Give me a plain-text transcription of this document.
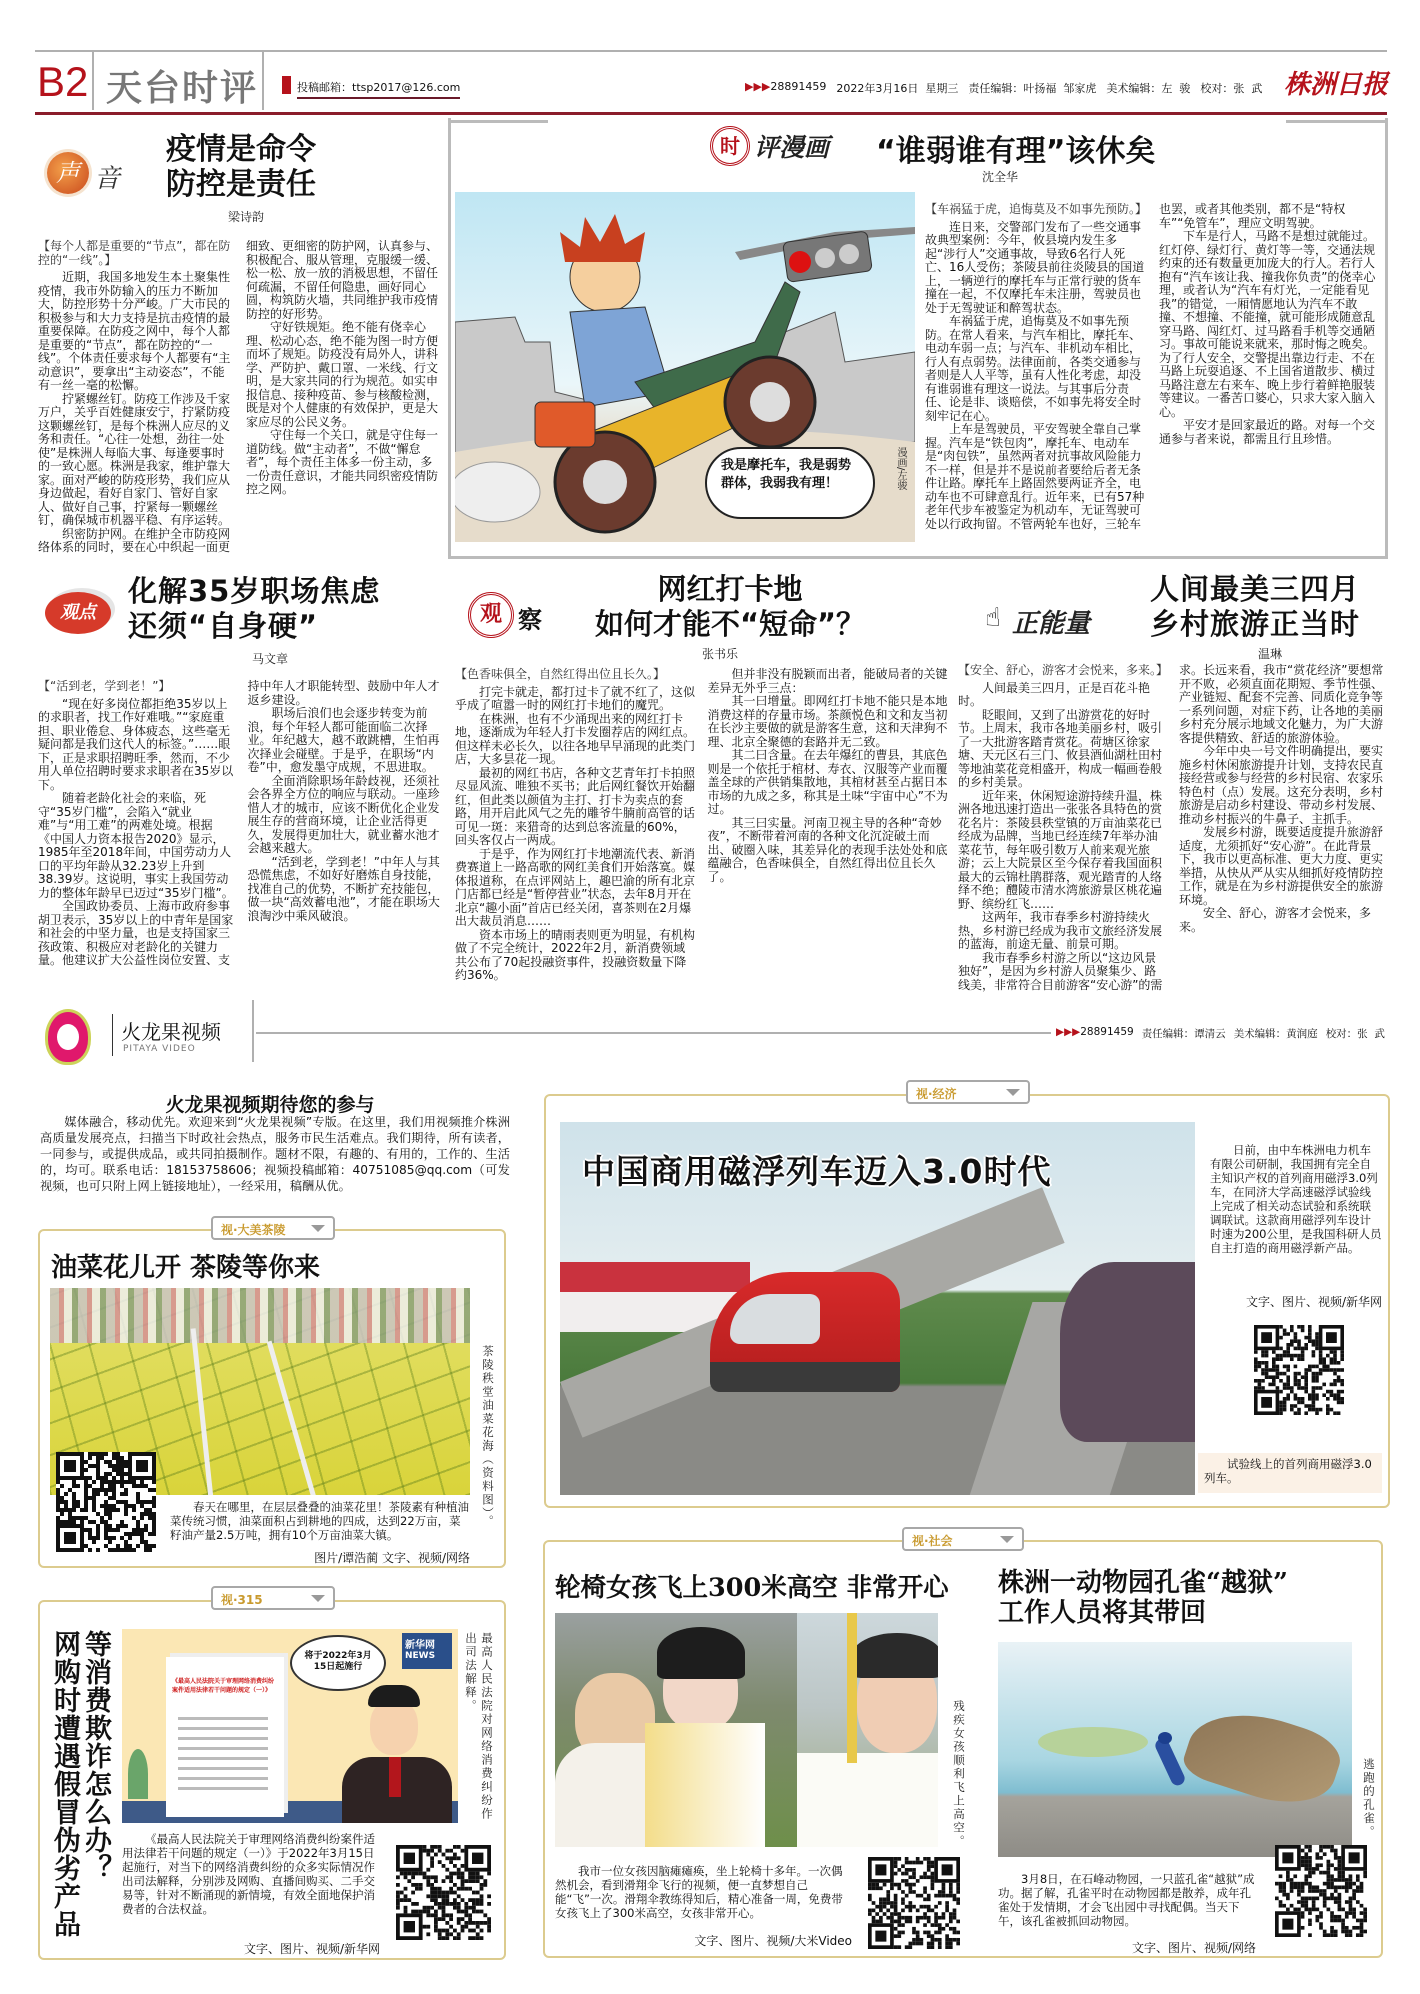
B2 天台时评	投稿邮箱：ttsp2017@126.com	▶▶▶28891459 2022年3月16日  星期三 责任编辑：叶扬福  邹家虎 美术编辑：左  骏 校对：张  武 株洲日报
声 音
疫情是命令
防控是责任
梁诗韵

【每个人都是重要的“节点”，都在防控的“一线”。】

近期，我国多地发生本土聚集性疫情，我市外防输入的压力不断加大，防控形势十分严峻。广大市民的积极参与和大力支持是抗击疫情的最重要保障。在防疫之网中，每个人都是重要的“节点”，都在防控的“一线”。个体责任要求每个人都要有“主动意识”，要拿出“主动姿态”，不能有一丝一毫的松懈。

拧紧螺丝钉。防疫工作涉及千家万户，关乎百姓健康安宁，拧紧防疫这颗螺丝钉，是每个株洲人应尽的义务和责任。“心往一处想，劲往一处使”是株洲人每临大事、每逢要事时的一致心愿。株洲是我家，维护靠大家。面对严峻的防疫形势，我们应从身边做起，看好自家门、管好自家人、做好自己事，拧紧每一颗螺丝钉，确保城市机器平稳、有序运转。

织密防护网。在维护全市防疫网络体系的同时，要在心中织起一面更细致、更细密的防护网，认真参与、积极配合、服从管理，克服缓一缓、松一松、放一放的消极思想，不留任何疏漏，不留任何隐患，画好同心圆，构筑防火墙，共同维护我市疫情防控的好形势。

守好铁规矩。绝不能有侥幸心理、松动心态，绝不能为图一时方便而坏了规矩。防疫没有局外人，讲科学、严防护、戴口罩、一米线、行文明，是大家共同的行为规范。如实申报信息、接种疫苗、参与核酸检测，既是对个人健康的有效保护，更是大家应尽的公民义务。

守住每一个关口，就是守住每一道防线。做“主动者”，不做“懈怠者”，每个责任主体多一份主动，多一份责任意识，才能共同织密疫情防控之网。

时 评漫画 “谁弱谁有理”该休矣
沈全华
我是摩托车，我是弱势群体，我弱我有理！	漫画/左骏

【车祸猛于虎，追悔莫及不如事先预防。】

连日来，交警部门发布了一些交通事故典型案例：今年，攸县境内发生多起“涉行人”交通事故，导致6名行人死亡、16人受伤；茶陵县前往炎陵县的国道上，一辆逆行的摩托车与正常行驶的货车撞在一起，不仅摩托车未注册，驾驶员也处于无驾驶证和醉驾状态。

车祸猛于虎，追悔莫及不如事先预防。在常人看来，与汽车相比，摩托车、电动车弱一点；与汽车、非机动车相比，行人有点弱势。法律面前，各类交通参与者则是人人平等，虽有人性化考虑，却没有谁弱谁有理这一说法。与其事后分责任、论是非、谈赔偿，不如事先将安全时刻牢记在心。

上车是驾驶员，平安驾驶全靠自己掌握。汽车是“铁包肉”，摩托车、电动车是“肉包铁”，虽然两者对抗事故风险能力不一样，但是并不是说前者要给后者无条件让路。摩托车上路固然要两证齐全，电动车也不可肆意乱行。近年来，已有57种老年代步车被鉴定为机动车，无证驾驶可处以行政拘留。不管两轮车也好，三轮车也罢，或者其他类别，都不是“特权车”“免管车”，理应文明驾驶。

下车是行人，马路不是想过就能过。红灯停、绿灯行、黄灯等一等，交通法规约束的还有数量更加庞大的行人。若行人抱有“汽车该让我、撞我你负责”的侥幸心理，或者认为“汽车有灯光，一定能看见我”的错觉，一厢情愿地认为汽车不敢撞、不想撞、不能撞，就可能形成随意乱穿马路、闯红灯、过马路看手机等交通陋习。事故可能说来就来，那时悔之晚矣。为了行人安全，交警提出靠边行走、不在马路上玩耍追逐、不上国省道散步、横过马路注意左右来车、晚上步行着鲜艳服装等建议。一番苦口婆心，只求大家入脑入心。

平安才是回家最近的路。对每一个交通参与者来说，都需且行且珍惜。

观点
化解35岁职场焦虑
还须“自身硬”
马文章

【“活到老，学到老！”】

“现在好多岗位都拒绝35岁以上的求职者，找工作好难哦。”“家庭重担、职业倦怠、身体疲态，这些毫无疑问都是我们这代人的标签。”……眼下，正是求职招聘旺季，然而，不少用人单位招聘时要求求职者在35岁以下。

随着老龄化社会的来临，死守“35岁门槛”，会陷入“就业难”与“用工难”的两难处境。根据《中国人力资本报告2020》显示，1985年至2018年间，中国劳动力人口的平均年龄从32.23岁上升到38.39岁。这说明，事实上我国劳动力的整体年龄早已迈过“35岁门槛”。

全国政协委员、上海市政府参事胡卫表示，35岁以上的中青年是国家和社会的中坚力量，也是支持国家三孩政策、积极应对老龄化的关键力量。他建议扩大公益性岗位安置、支持中年人才职能转型、鼓励中年人才返乡建设。

职场后浪们也会逐步转变为前浪，每个年轻人都可能面临二次择业。年纪越大，越不敢跳槽，生怕再次择业会碰壁。于是乎，在职场“内卷”中，愈发墨守成规，不思进取。

全面消除职场年龄歧视，还须社会各界全方位的响应与联动。一座珍惜人才的城市，应该不断优化企业发展生存的营商环境，让企业活得更久，发展得更加壮大，就业蓄水池才会越来越大。

“活到老，学到老！”中年人与其恐慌焦虑，不如好好磨炼自身技能，找准自己的优势，不断扩充技能包，做一块“高效蓄电池”，才能在职场大浪淘沙中乘风破浪。

观 察
网红打卡地
如何才能不“短命”？
张书乐

【色香味俱全，自然红得出位且长久。】

打完卡就走，都打过卡了就不红了，这似乎成了喧嚣一时的网红打卡地们的魔咒。

在株洲，也有不少涌现出来的网红打卡地，逐渐成为年轻人打卡发圈荐店的网红点。但这样未必长久，以往各地早早涌现的此类门店，大多昙花一现。

最初的网红书店，各种文艺青年打卡拍照尽显风流、唯独不买书；此后网红餐饮开始翻红，但此类以颜值为主打、打卡为卖点的套路，用开启此风气之先的雕爷牛腩前高管的话可见一斑：来猎奇的达到总客流量的60%，回头客仅占一两成。

于是乎，作为网红打卡地潮流代表、新消费赛道上一路高歌的网红美食们开始落寞。媒体报道称，在点评网站上，趣巴渝的所有北京门店都已经是“暂停营业”状态，去年8月开在北京“趣小面”首店已经关闭，喜茶则在2月爆出大裁员消息……

资本市场上的晴雨表则更为明显，有机构做了不完全统计，2022年2月，新消费领域共公布了70起投融资事件，投融资数量下降约36%。

但并非没有脱颖而出者，能破局者的关键差异无外乎三点：

其一曰增量。即网红打卡地不能只是本地消费这样的存量市场。茶颜悦色和文和友当初在长沙主要做的就是游客生意，这和天津狗不理、北京全聚德的套路并无二致。

其二曰含量。在去年爆红的曹县，其底色则是一个依托于棺材、寿衣、汉服等产业而覆盖全球的产供销集散地，其棺材甚至占据日本市场的九成之多，称其是土味“宇宙中心”不为过。

其三曰实量。河南卫视主导的各种“奇妙夜”，不断带着河南的各种文化沉淀破土而出、破圈入味，其差异化的表现手法处处和底蕴融合，色香味俱全，自然红得出位且长久了。

☝ 正能量
人间最美三四月
乡村旅游正当时
温琳

【安全、舒心，游客才会悦来，多来。】

人间最美三四月，正是百花斗艳时。

眨眼间，又到了出游赏花的好时节。上周末，我市各地美丽乡村，吸引了一大批游客踏青赏花。荷塘区徐家塘、天元区石三门、攸县酒仙湖杜田村等地油菜花竞相盛开，构成一幅画卷般的乡村美景。

近年来，休闲短途游持续升温，株洲各地迅速打造出一张张各具特色的赏花名片：茶陵县秩堂镇的万亩油菜花已经成为品牌，当地已经连续7年举办油菜花节，每年吸引数万人前来观光旅游；云上大院景区至今保存着我国面积最大的云锦杜鹃群落，观光踏青的人络绎不绝；醴陵市清水湾旅游景区桃花遍野、缤纷红飞……

这两年，我市春季乡村游持续火热，乡村游已经成为我市文旅经济发展的蓝海，前途无量、前景可期。

我市春季乡村游之所以“这边风景独好”，是因为乡村游人员聚集少、路线美，非常符合目前游客“安心游”的需求。长远来看，我市“赏花经济”要想常开不败，必须直面花期短、季节性强、产业链短、配套不完善、同质化竞争等一系列问题，对症下药，让各地的美丽乡村充分展示地域文化魅力，为广大游客提供精致、舒适的旅游体验。

今年中央一号文件明确提出，要实施乡村休闲旅游提升计划，支持农民直接经营或参与经营的乡村民宿、农家乐特色村（点）发展。这充分表明，乡村旅游是启动乡村建设、带动乡村发展、推动乡村振兴的牛鼻子、主抓手。

发展乡村游，既要适度提升旅游舒适度，尤须抓好“安心游”。在此背景下，我市以更高标准、更大力度、更实举措，从快从严从实从细抓好疫情防控工作，就是在为乡村游提供安全的旅游环境。

安全、舒心，游客才会悦来，多来。

火龙果视频
PITAYA VIDEO
▶▶▶28891459 责任编辑：谭清云 美术编辑：黄润庭 校对：张  武
火龙果视频期待您的参与
媒体融合，移动优先。欢迎来到“火龙果视频”专版。在这里，我们用视频推介株洲高质量发展亮点，扫描当下时政社会热点，服务市民生活难点。我们期待，所有读者，一同参与，或提供成品，或共同拍摄制作。题材不限，有趣的、有用的，工作的、生活的，均可。联系电话：18153758606；视频投稿邮箱：40751085@qq.com（可发视频，也可只附上网上链接地址），一经采用，稿酬从优。
视·大美茶陵
油菜花儿开 茶陵等你来
茶陵秩堂油菜花海（资料图）。
春天在哪里，在层层叠叠的油菜花里！茶陵素有种植油菜传统习惯，油菜面积占到耕地的四成，达到22万亩，菜籽油产量2.5万吨，拥有10个万亩油菜大镇。
图片/谭浩蔺 文字、视频/网络
视·315
等消费欺诈怎么办？
网购时遭遇假冒伪劣产品	《最高人民法院关于审理网络消费纠纷案件适用法律若干问题的规定（一）》
将于2022年3月15日起施行
新华网
NEWS	最高人民法院对网络消费纠纷作出司法解释。
《最高人民法院关于审理网络消费纠纷案件适用法律若干问题的规定（一）》于2022年3月15日起施行，对当下的网络消费纠纷的众多实际情况作出司法解释，分别涉及网购、直播间购买、二手交易等，针对不断涌现的新情境，有效全面地保护消费者的合法权益。
文字、图片、视频/新华网
视·经济
中国商用磁浮列车迈入3.0时代
日前，由中车株洲电力机车有限公司研制，我国拥有完全自主知识产权的首列商用磁浮3.0列车，在同济大学高速磁浮试验线上完成了相关动态试验和系统联调联试。这款商用磁浮列车设计时速为200公里，是我国科研人员自主打造的商用磁浮新产品。
文字、图片、视频/新华网
试验线上的首列商用磁浮3.0列车。
视·社会
轮椅女孩飞上300米高空 非常开心
残疾女孩顺利飞上高空。
我市一位女孩因脑瘫瘫痪，坐上轮椅十多年。一次偶然机会，看到滑翔伞飞行的视频，便一直梦想自己能“飞”一次。滑翔伞教练得知后，精心准备一周，免费带女孩飞上了300米高空，女孩非常开心。
文字、图片、视频/大米Video
株洲一动物园孔雀“越狱”
工作人员将其带回
逃跑的孔雀。
3月8日，在石峰动物园，一只蓝孔雀“越狱”成功。据了解，孔雀平时在动物园都是散养，成年孔雀处于发情期，才会飞出园中寻找配偶。当天下午，该孔雀被抓回动物园。
文字、图片、视频/网络
